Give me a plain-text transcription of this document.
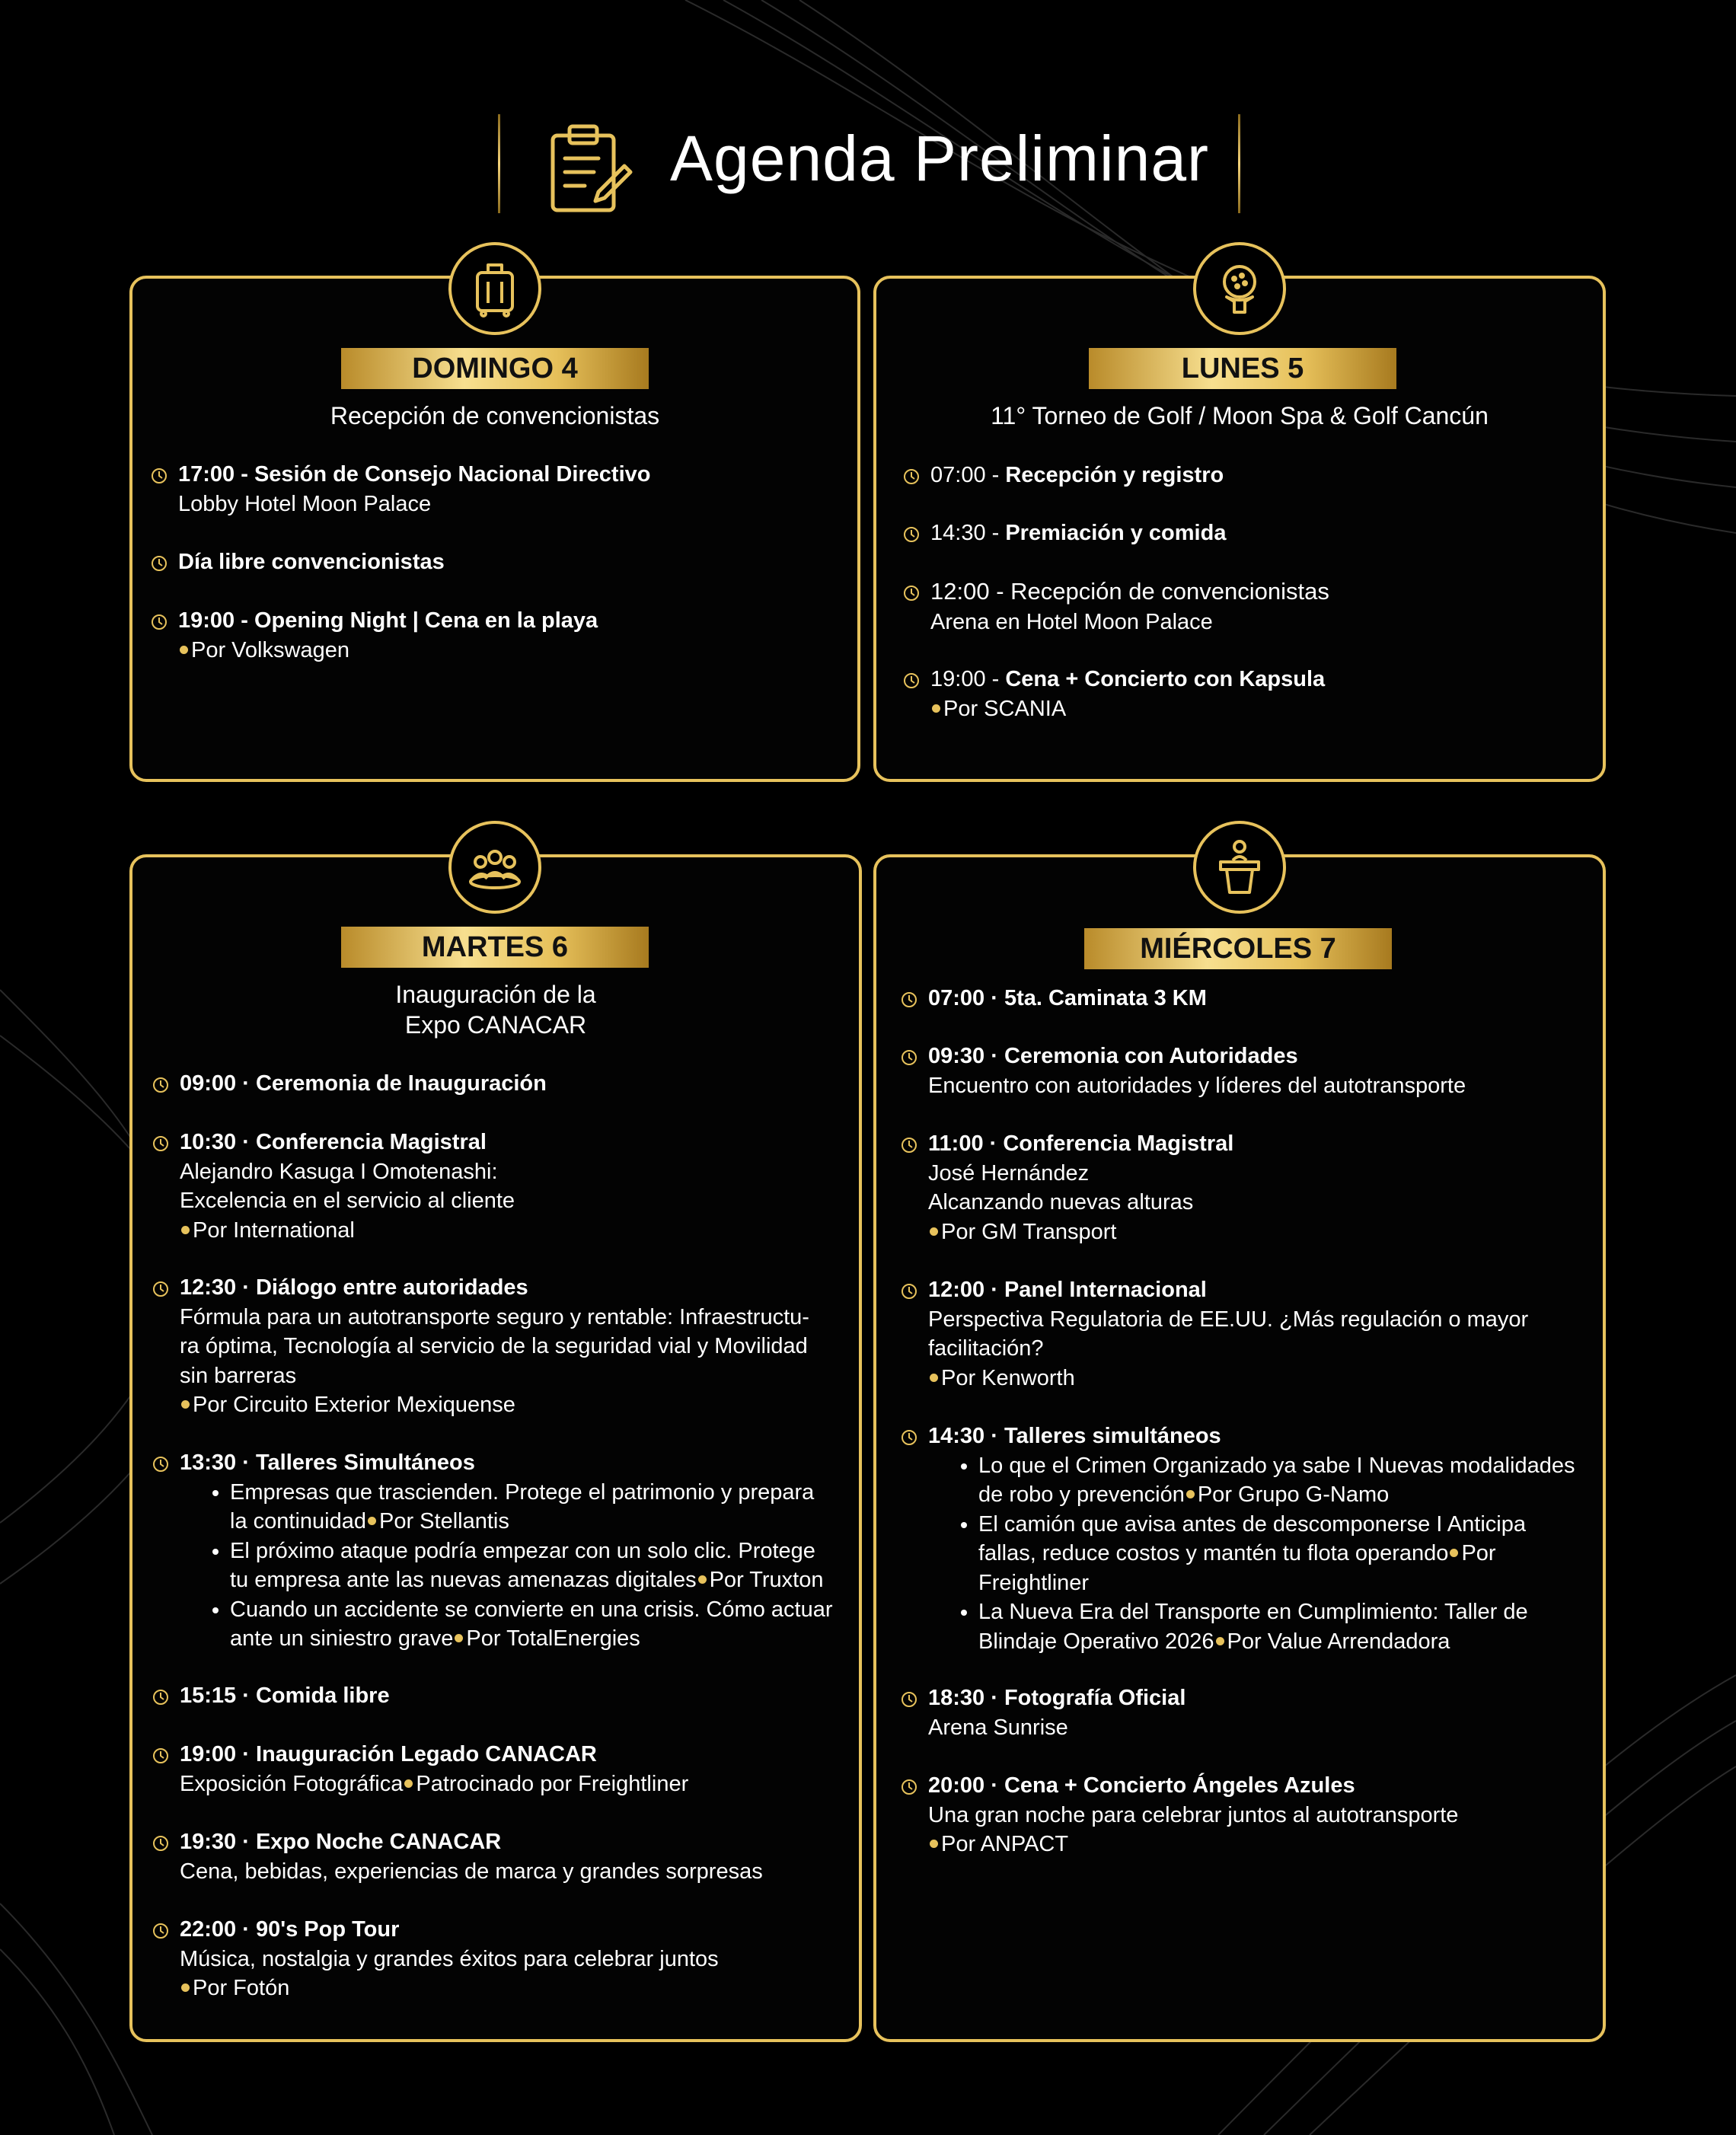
Agenda Preliminar
DOMINGO 4
Recepción de convencionistas
17:00 - Sesión de Consejo Nacional Directivo
Lobby Hotel Moon Palace
Día libre convencionistas
19:00 - Opening Night | Cena en la playa
Por Volkswagen
LUNES 5
11° Torneo de Golf / Moon Spa & Golf Cancún
07:00 - Recepción y registro
14:30 - Premiación y comida
12:00 - Recepción de convencionistas
Arena en Hotel Moon Palace
19:00 - Cena + Concierto con Kapsula
Por SCANIA
MARTES 6
Inauguración de la
Expo CANACAR
09:00 · Ceremonia de Inauguración
10:30 · Conferencia Magistral
Alejandro Kasuga I Omotenashi:
Excelencia en el servicio al cliente
Por International
12:30 · Diálogo entre autoridades
Fórmula para un autotransporte seguro y rentable: Infraestructu-
ra óptima, Tecnología al servicio de la seguridad vial y Movilidad
sin barreras
Por Circuito Exterior Mexiquense
13:30 · Talleres Simultáneos
• Empresas que trascienden. Protege el patrimonio y prepara
la continuidad Por Stellantis
• El próximo ataque podría empezar con un solo clic. Protege
tu empresa ante las nuevas amenazas digitales Por Truxton
• Cuando un accidente se convierte en una crisis. Cómo actuar
ante un siniestro grave Por TotalEnergies
15:15 · Comida libre
19:00 · Inauguración Legado CANACAR
Exposición Fotográfica Patrocinado por Freightliner
19:30 · Expo Noche CANACAR
Cena, bebidas, experiencias de marca y grandes sorpresas
22:00 · 90's Pop Tour
Música, nostalgia y grandes éxitos para celebrar juntos
Por Fotón
MIÉRCOLES 7
07:00 · 5ta. Caminata 3 KM
09:30 · Ceremonia con Autoridades
Encuentro con autoridades y líderes del autotransporte
11:00 · Conferencia Magistral
José Hernández
Alcanzando nuevas alturas
Por GM Transport
12:00 · Panel Internacional
Perspectiva Regulatoria de EE.UU. ¿Más regulación o mayor
facilitación?
Por Kenworth
14:30 · Talleres simultáneos
• Lo que el Crimen Organizado ya sabe I Nuevas modalidades
de robo y prevención Por Grupo G-Namo
• El camión que avisa antes de descomponerse I Anticipa
fallas, reduce costos y mantén tu flota operando Por
Freightliner
• La Nueva Era del Transporte en Cumplimiento: Taller de
Blindaje Operativo 2026 Por Value Arrendadora
18:30 · Fotografía Oficial
Arena Sunrise
20:00 · Cena + Concierto Ángeles Azules
Una gran noche para celebrar juntos al autotransporte
Por ANPACT
